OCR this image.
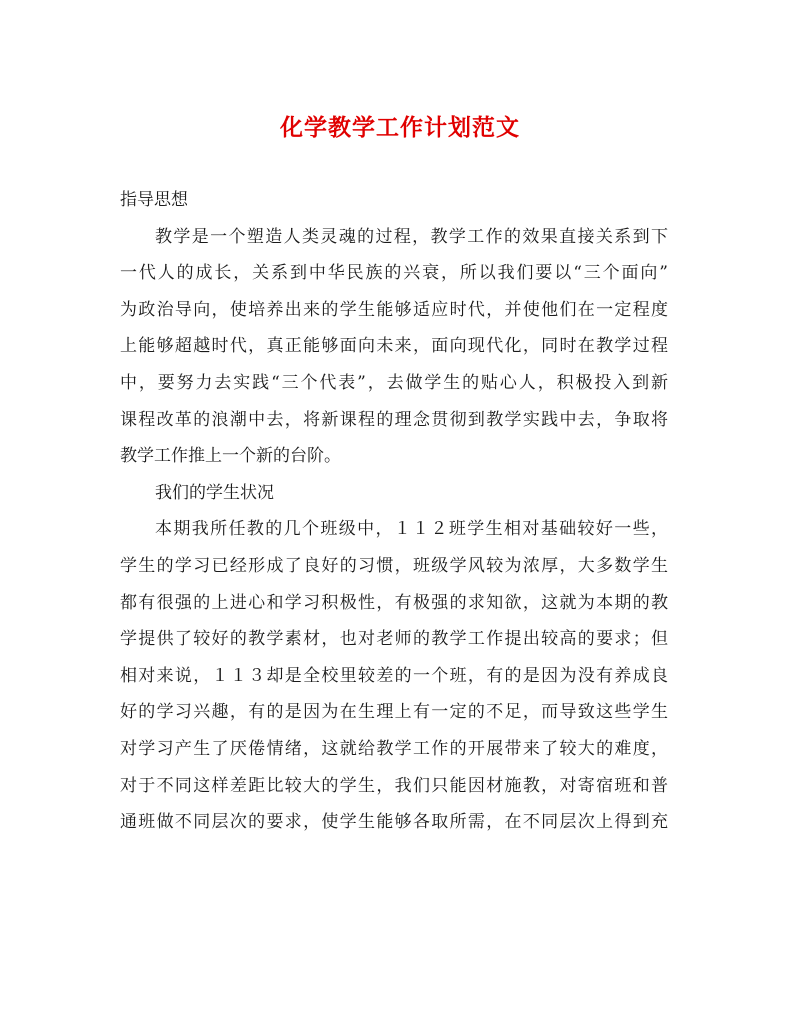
化学教学工作计划范文
指导思想
教学是一个塑造人类灵魂的过程，教学工作的效果直接关系到下
一代人的成长，关系到中华民族的兴衰，所以我们要以“三个面向”
为政治导向，使培养出来的学生能够适应时代，并使他们在一定程度
上能够超越时代，真正能够面向未来，面向现代化，同时在教学过程
中，要努力去实践“三个代表”，去做学生的贴心人，积极投入到新
课程改革的浪潮中去，将新课程的理念贯彻到教学实践中去，争取将
教学工作推上一个新的台阶。
我们的学生状况
本期我所任教的几个班级中，１１２班学生相对基础较好一些，
学生的学习已经形成了良好的习惯，班级学风较为浓厚，大多数学生
都有很强的上进心和学习积极性，有极强的求知欲，这就为本期的教
学提供了较好的教学素材，也对老师的教学工作提出较高的要求；但
相对来说，１１３却是全校里较差的一个班，有的是因为没有养成良
好的学习兴趣，有的是因为在生理上有一定的不足，而导致这些学生
对学习产生了厌倦情绪，这就给教学工作的开展带来了较大的难度，
对于不同这样差距比较大的学生，我们只能因材施教，对寄宿班和普
通班做不同层次的要求，使学生能够各取所需，在不同层次上得到充
